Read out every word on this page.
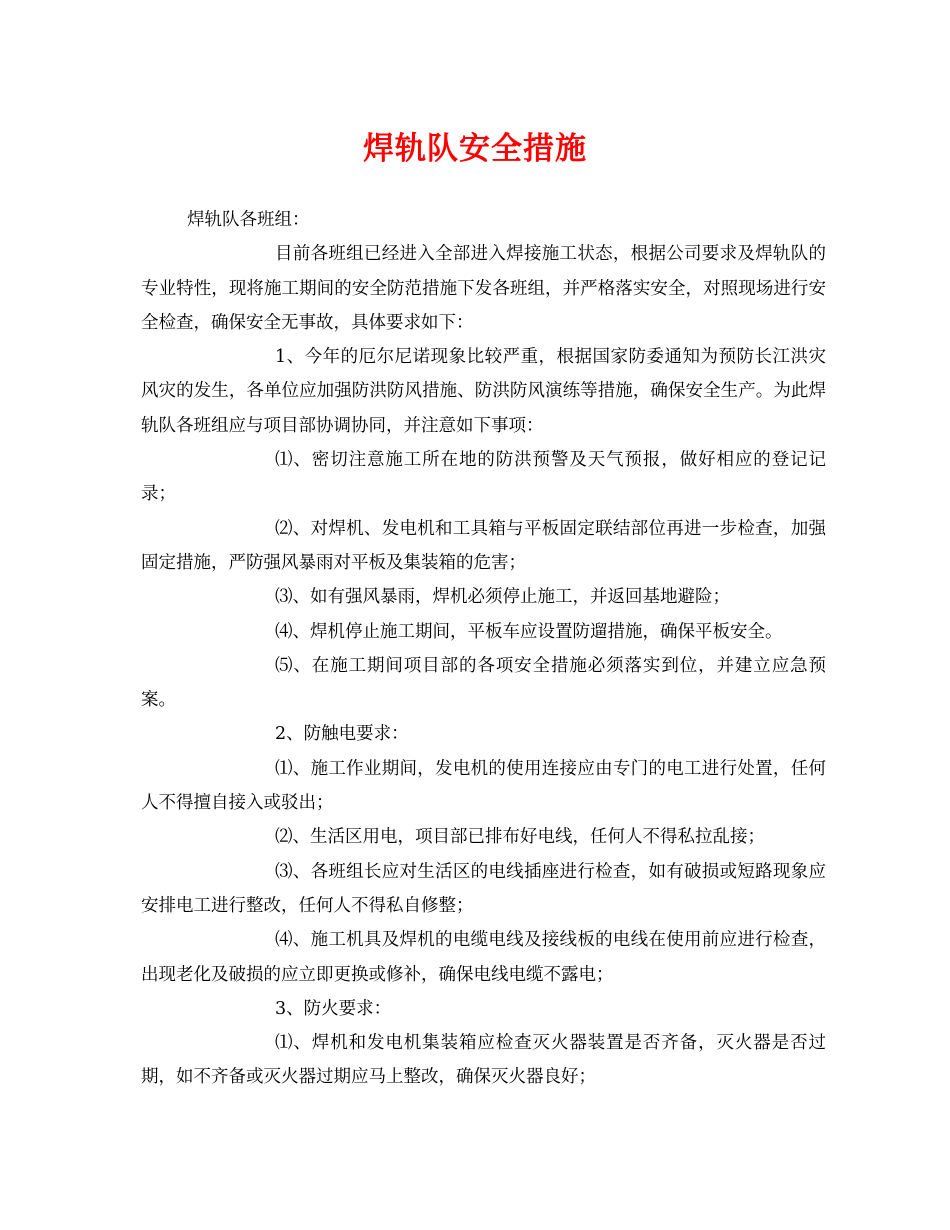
焊轨队安全措施

焊轨队各班组：

目前各班组已经进入全部进入焊接施工状态，根据公司要求及焊轨队的专业特性，现将施工期间的安全防范措施下发各班组，并严格落实安全，对照现场进行安全检查，确保安全无事故，具体要求如下：

1、今年的厄尔尼诺现象比较严重，根据国家防委通知为预防长江洪灾风灾的发生，各单位应加强防洪防风措施、防洪防风演练等措施，确保安全生产。为此焊轨队各班组应与项目部协调协同，并注意如下事项：

⑴、密切注意施工所在地的防洪预警及天气预报，做好相应的登记记录；

⑵、对焊机、发电机和工具箱与平板固定联结部位再进一步检查，加强固定措施，严防强风暴雨对平板及集装箱的危害；

⑶、如有强风暴雨，焊机必须停止施工，并返回基地避险；

⑷、焊机停止施工期间，平板车应设置防遛措施，确保平板安全。

⑸、在施工期间项目部的各项安全措施必须落实到位，并建立应急预案。

2、防触电要求：

⑴、施工作业期间，发电机的使用连接应由专门的电工进行处置，任何人不得擅自接入或驳出；

⑵、生活区用电，项目部已排布好电线，任何人不得私拉乱接；

⑶、各班组长应对生活区的电线插座进行检查，如有破损或短路现象应安排电工进行整改，任何人不得私自修整；

⑷、施工机具及焊机的电缆电线及接线板的电线在使用前应进行检查，出现老化及破损的应立即更换或修补，确保电线电缆不露电；

3、防火要求：

⑴、焊机和发电机集装箱应检查灭火器装置是否齐备，灭火器是否过期，如不齐备或灭火器过期应马上整改，确保灭火器良好；
